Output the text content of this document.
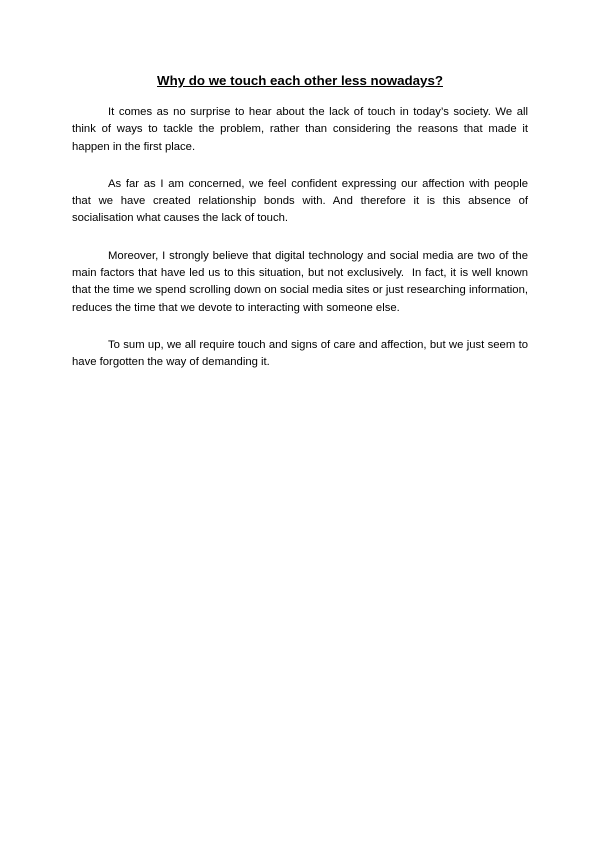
Why do we touch each other less nowadays?

It comes as no surprise to hear about the lack of touch in today’s society. We all think of ways to tackle the problem, rather than considering the reasons that made it happen in the first place.

As far as I am concerned, we feel confident expressing our affection with people that we have created relationship bonds with. And therefore it is this absence of socialisation what causes the lack of touch.

Moreover, I strongly believe that digital technology and social media are two of the main factors that have led us to this situation, but not exclusively.  In fact, it is well known that the time we spend scrolling down on social media sites or just researching information, reduces the time that we devote to interacting with someone else.

To sum up, we all require touch and signs of care and affection, but we just seem to have forgotten the way of demanding it.
